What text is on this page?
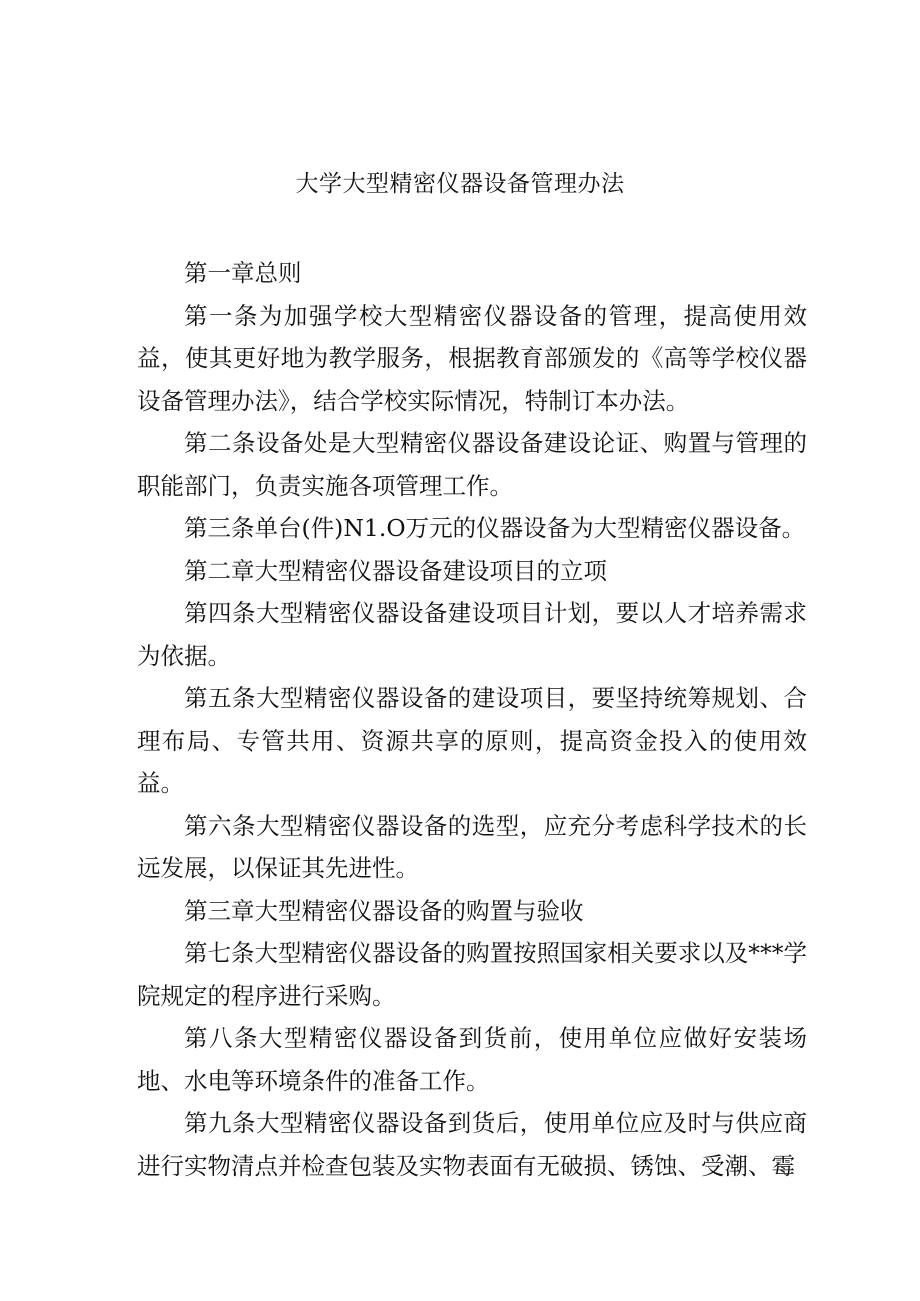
大学大型精密仪器设备管理办法

第一章总则

第一条为加强学校大型精密仪器设备的管理，提高使用效益，使其更好地为教学服务，根据教育部颁发的《高等学校仪器设备管理办法》，结合学校实际情况，特制订本办法。

第二条设备处是大型精密仪器设备建设论证、购置与管理的职能部门，负责实施各项管理工作。

第三条单台(件)N1.O万元的仪器设备为大型精密仪器设备。

第二章大型精密仪器设备建设项目的立项

第四条大型精密仪器设备建设项目计划，要以人才培养需求为依据。

第五条大型精密仪器设备的建设项目，要坚持统筹规划、合理布局、专管共用、资源共享的原则，提高资金投入的使用效益。

第六条大型精密仪器设备的选型，应充分考虑科学技术的长远发展，以保证其先进性。

第三章大型精密仪器设备的购置与验收

第七条大型精密仪器设备的购置按照国家相关要求以及***学院规定的程序进行采购。

第八条大型精密仪器设备到货前，使用单位应做好安装场地、水电等环境条件的准备工作。

第九条大型精密仪器设备到货后，使用单位应及时与供应商进行实物清点并检查包装及实物表面有无破损、锈蚀、受潮、霉
